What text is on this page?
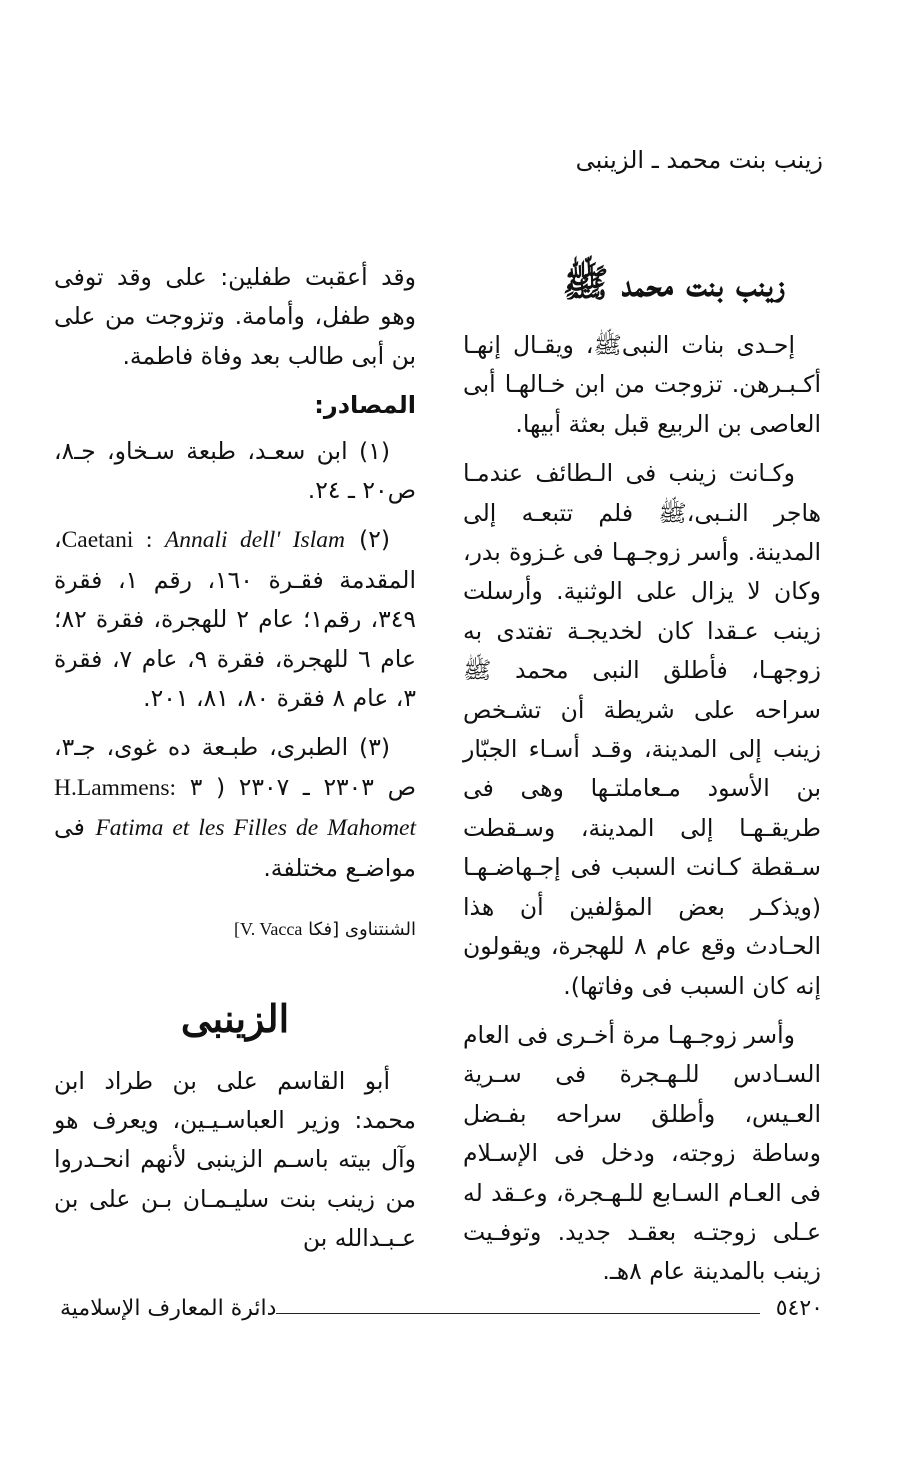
زينب بنت محمد ـ الزينبى
زينب بنت محمد ﷺ

إحـدى بنات النبىﷺ، ويقـال إنهـا أكـبـرهن. تزوجت من ابن خـالهـا أبى العاصى بن الربيع قبل بعثة أبيها.

وكـانت زينب فى الـطائف عندمـا هاجر النـبى،ﷺ فلم تتبعـه إلى المدينة. وأسر زوجـهـا فى غـزوة بدر، وكان لا يزال على الوثنية. وأرسلت زينب عـقدا كان لخديجـة تفتدى به زوجهـا، فأطلق النبى محمد ﷺ سراحه على شريطة أن تشـخص زينب إلى المدينة، وقـد أسـاء الجبّار بن الأسود مـعاملتـها وهى فى طريقـهـا إلى المدينة، وسـقطت سـقطة كـانت السبب فى إجـهاضـهـا (ويذكـر بعض المؤلفين أن هذا الحـادث وقع عام ٨ للهجرة، ويقولون إنه كان السبب فى وفاتها).

وأسر زوجـهـا مرة أخـرى فى العام السـادس للـهـجرة فى سـرية العـيس، وأطلق سراحه بفـضل وساطة زوجته، ودخل فى الإسـلام فى العـام السـابع للـهـجرة، وعـقد له عـلى زوجتـه بعقـد جديد. وتوفـيت زينب بالمدينة عام ٨هـ.

وقد أعقبت طفلين: على وقد توفى وهو طفل، وأمامة. وتزوجت من على بن أبى طالب بعد وفاة فاطمة.

المصادر:

(١) ابن سعـد، طبعة سـخاو، جـ٨، ص٢٠ ـ ٢٤.

(٢) Caetani : Annali dell' Islam، المقدمة فقـرة ١٦٠، رقم ١، فقرة ٣٤٩، رقم١؛ عام ٢ للهجرة، فقرة ٨٢؛ عام ٦ للهجرة، فقرة ٩، عام ٧، فقرة ٣، عام ٨ فقرة ٨٠، ٨١، ٢٠١.

(٣) الطبرى، طبـعة ده غوى، جـ٣، ص ٢٣٠٣ ـ ٢٣٠٧ ( ٣ H.Lammens: Fatima et les Filles de Mahomet فى مواضـع مختلفة.

الشنتناوى [فكا V. Vacca]
الزينبى

أبو القاسم على بن طراد ابن محمد: وزير العباسـيـين، ويعرف هو وآل بيته باسـم الزينبى لأنهم انحـدروا من زينب بنت سليـمـان بـن على بن عـبـدالله بن

٥٤٢٠
دائرة المعارف الإسلامية
